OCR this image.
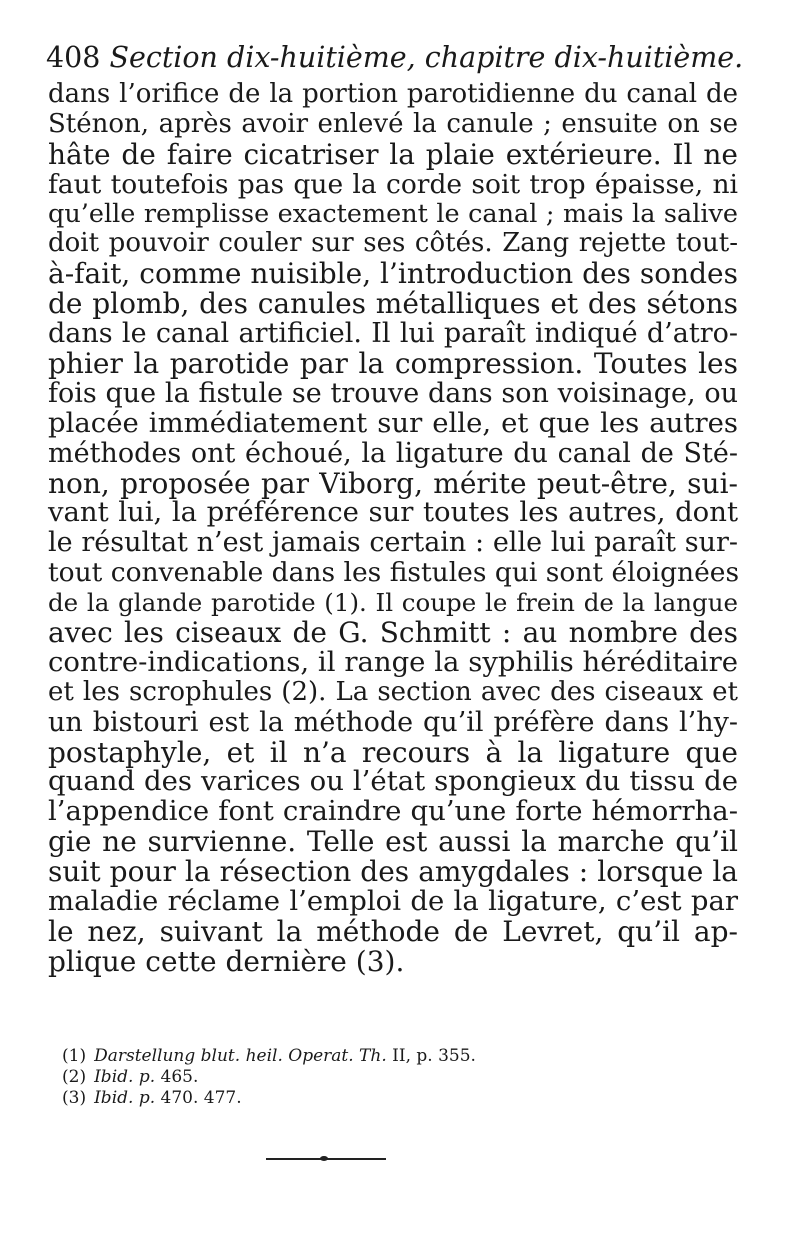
408 Section dix-huitième, chapitre dix-huitième.
dans l’orifice de la portion parotidienne du canal de
Sténon, après avoir enlevé la canule ; ensuite on se
hâte de faire cicatriser la plaie extérieure. Il ne
faut toutefois pas que la corde soit trop épaisse, ni
qu’elle remplisse exactement le canal ; mais la salive
doit pouvoir couler sur ses côtés. Zang rejette tout-
à-fait, comme nuisible, l’introduction des sondes
de plomb, des canules métalliques et des sétons
dans le canal artificiel. Il lui paraît indiqué d’atro-
phier la parotide par la compression. Toutes les
fois que la fistule se trouve dans son voisinage, ou
placée immédiatement sur elle, et que les autres
méthodes ont échoué, la ligature du canal de Sté-
non, proposée par Viborg, mérite peut-être, sui-
vant lui, la préférence sur toutes les autres, dont
le résultat n’est jamais certain : elle lui paraît sur-
tout convenable dans les fistules qui sont éloignées
de la glande parotide (1). Il coupe le frein de la langue
avec les ciseaux de G. Schmitt : au nombre des
contre-indications, il range la syphilis héréditaire
et les scrophules (2). La section avec des ciseaux et
un bistouri est la méthode qu’il préfère dans l’hy-
postaphyle, et il n’a recours à la ligature que
quand des varices ou l’état spongieux du tissu de
l’appendice font craindre qu’une forte hémorrha-
gie ne survienne. Telle est aussi la marche qu’il
suit pour la résection des amygdales : lorsque la
maladie réclame l’emploi de la ligature, c’est par
le nez, suivant la méthode de Levret, qu’il ap-
plique cette dernière (3).
(1) Darstellung blut. heil. Operat. Th. II, p. 355.
(2) Ibid. p. 465.
(3) Ibid. p. 470. 477.
